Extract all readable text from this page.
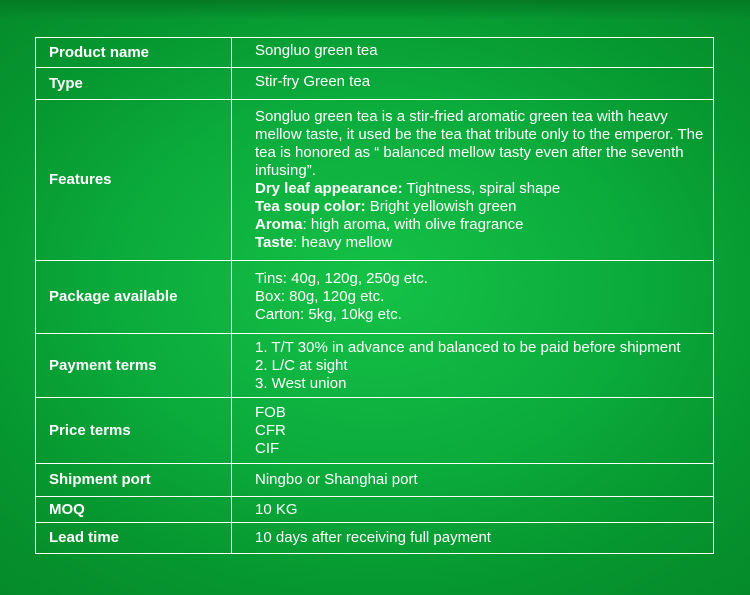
Product name	Songluo green tea

Type	Stir-fry Green tea

Features	Songluo green tea is a stir-fried aromatic green tea with heavy mellow taste, it used be the tea that tribute only to the emperor. The tea is honored as “ balanced mellow tasty even after the seventh infusing”.
Dry leaf appearance: Tightness, spiral shape
Tea soup color: Bright yellowish green
Aroma: high aroma, with olive fragrance
Taste: heavy mellow

Package available	Tins: 40g, 120g, 250g etc.
Box: 80g, 120g etc.
Carton: 5kg, 10kg etc.

Payment terms	1. T/T 30% in advance and balanced to be paid before shipment
2. L/C at sight
3. West union

Price terms	FOB
CFR
CIF

Shipment port	Ningbo or Shanghai port

MOQ	10 KG

Lead time	10 days after receiving full payment
